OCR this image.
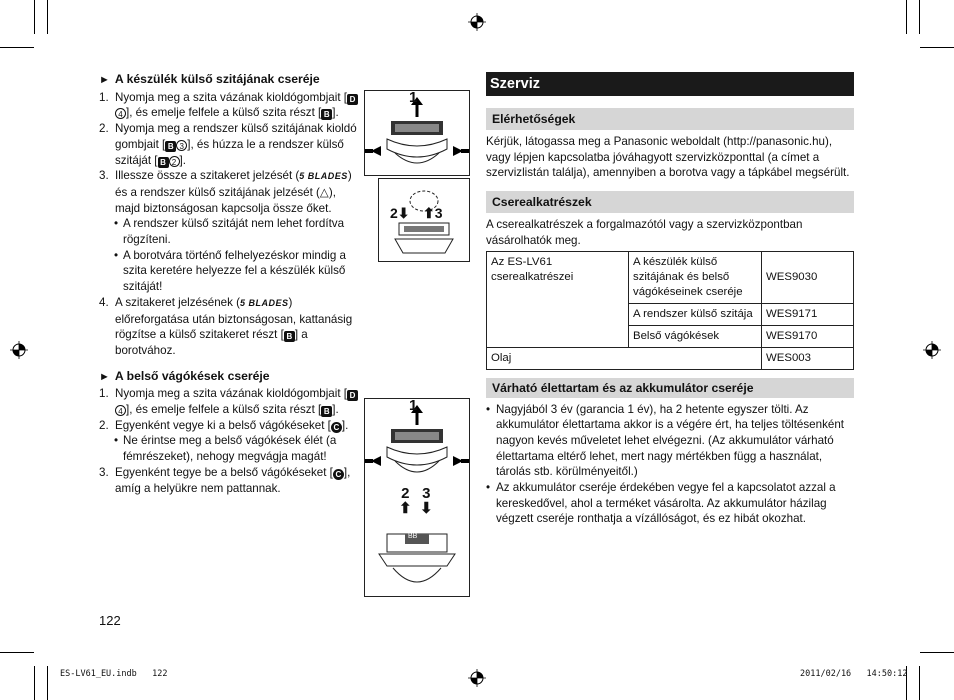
► A készülék külső szitájának cseréje
1. Nyomja meg a szita vázának kioldógombjait [ D4 ], és emelje felfele a külső szita részt [ B ].
2. Nyomja meg a rendszer külső szitájának kioldó gombjait [ B 3 ], és húzza le a rendszer külső szitáját [ B 2 ].
3. Illessze össze a szitakeret jelzését (5 BLADES) és a rendszer külső szitájának jelzését (△), majd biztonságosan kapcsolja össze őket.
• A rendszer külső szitáját nem lehet fordítva rögzíteni.
• A borotvára történő felhelyezéskor mindig a szita keretére helyezze fel a készülék külső szitáját!
4. A szitakeret jelzésének (5 BLADES) előreforgatása után biztonságosan, kattanásig rögzítse a külső szitakeret részt [ B ] a borotvához.
► A belső vágókések cseréje
1. Nyomja meg a szita vázának kioldógombjait [ D4 ], és emelje felfele a külső szita részt [ B ].
2. Egyenként vegye ki a belső vágókéseket [ C ].
• Ne érintse meg a belső vágókések élét (a fémrészeket), nehogy megvágja magát!
3. Egyenként tegye be a belső vágókéseket [ C ], amíg a helyükre nem pattannak.
1
2⬇ ⬆3
1
2
⬆
3
⬇
BB
Szerviz
Elérhetőségek
Kérjük, látogassa meg a Panasonic weboldalt (http://panasonic.hu), vagy lépjen kapcsolatba jóváhagyott szervizközponttal (a címet a szervizlistán találja), amennyiben a borotva vagy a tápkábel megsérült.
Cserealkatrészek
A cserealkatrészek a forgalmazótól vagy a szervizközpontban vásárolhatók meg.
Az ES-LV61 cserealkatrészei	A készülék külső szitájának és belső vágókéseinek cseréje	WES9030
	A rendszer külső szitája	WES9171
	Belső vágókések	WES9170
Olaj		WES003
Várható élettartam és az akkumulátor cseréje
• Nagyjából 3 év (garancia 1 év), ha 2 hetente egyszer tölti. Az akkumulátor élettartama akkor is a végére ért, ha teljes töltésenként nagyon kevés műveletet lehet elvégezni. (Az akkumulátor várható élettartama eltérő lehet, mert nagy mértékben függ a használat, tárolás stb. körülményeitől.)
• Az akkumulátor cseréje érdekében vegye fel a kapcsolatot azzal a kereskedővel, ahol a terméket vásárolta. Az akkumulátor házilag végzett cseréje ronthatja a vízállóságot, és ez hibát okozhat.
122
ES-LV61_EU.indb 122	2011/02/16 14:50:12
